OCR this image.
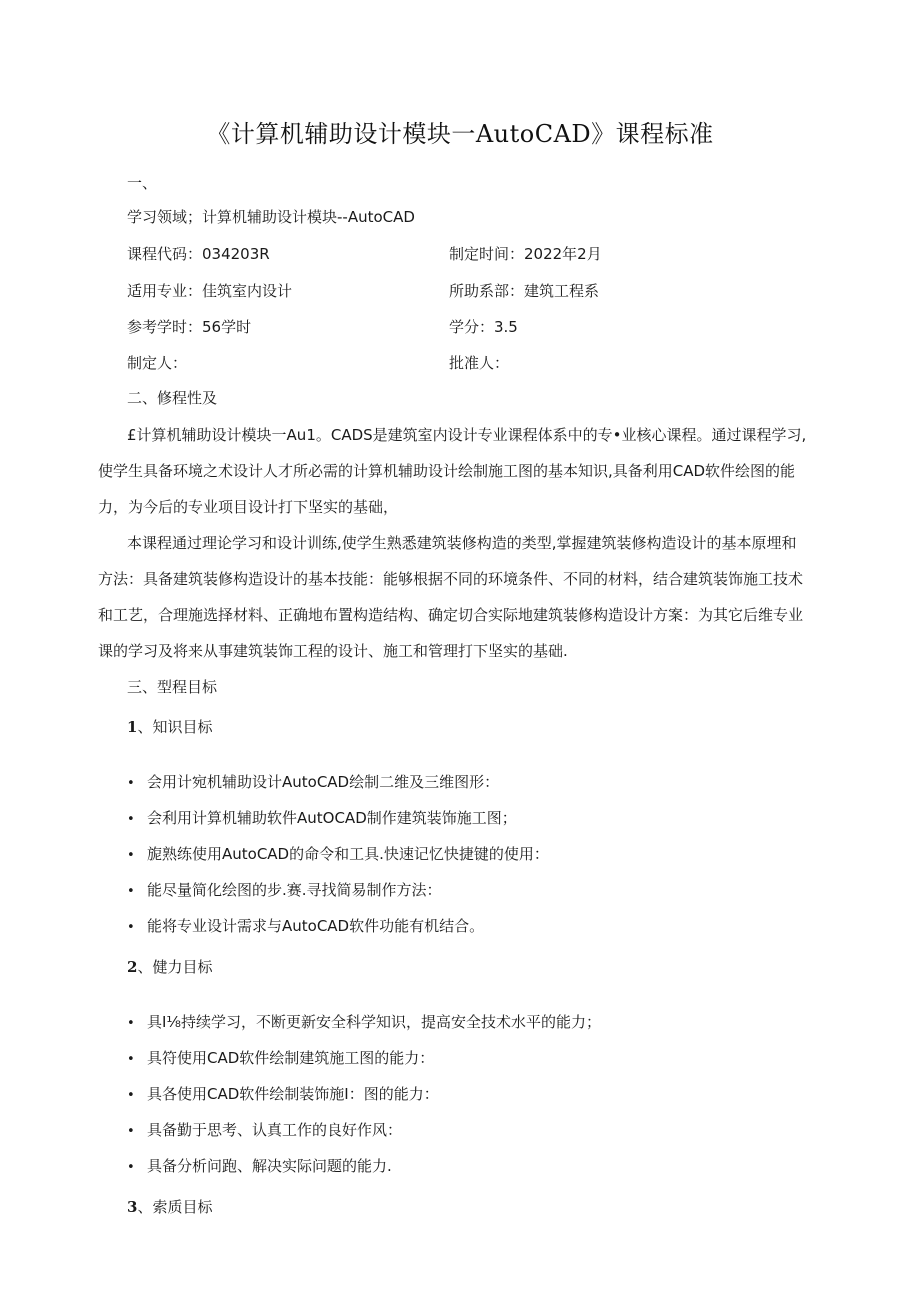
《计算机辅助设计模块一AutoCAD》课程标准
一、
学习领域；计算机辅助设计模块--AutoCAD
课程代码：034203R	制定时间：2022年2月
适用专业：佳筑室内设计	所助系部：建筑工程系
参考学时：56学时	学分：3.5
制定人：	批准人：
二、修程性及
£计算机辅助设计模块一Au1。CADS是建筑室内设计专业课程体系中的专•业核心课程。通过课程学习,
使学生具备环境之术设计人才所必需的计算机辅助设计绘制施工图的基本知识,具备利用CAD软件绘图的能
力，为今后的专业项目设计打下坚实的基础，
本课程通过理论学习和设计训练,使学生熟悉建筑装修构造的类型,掌握建筑装修构造设计的基本原埋和
方法：具备建筑装修构造设计的基本技能：能够根据不同的环境条件、不同的材料，结合建筑装饰施工技术
和工艺，合理施选择材料、正确地布置构造结构、确定切合实际地建筑装修构造设计方案：为其它后维专业
课的学习及将来从事建筑装饰工程的设计、施工和管理打下坚实的基础.
三、型程目标
1、知识目标
• 会用计宛机辅助设计AutoCAD绘制二维及三维图形：
• 会利用计算机辅助软件AutOCAD制作建筑装饰施工图；
• 旎熟练使用AutoCAD的命令和工具.快速记忆快捷键的使用：
• 能尽量简化绘图的步.赛.寻找简易制作方法：
• 能将专业设计需求与AutoCAD软件功能有机结合。
2、健力目标
• 具I⅛持续学习，不断更新安全科学知识，提高安全技术水平的能力；
• 具符使用CAD软件绘制建筑施工图的能力：
• 具各使用CAD软件绘制装饰施I：图的能力：
• 具备勤于思考、认真工作的良好作风：
• 具备分析问跑、解决实际问题的能力.
3、索质目标
